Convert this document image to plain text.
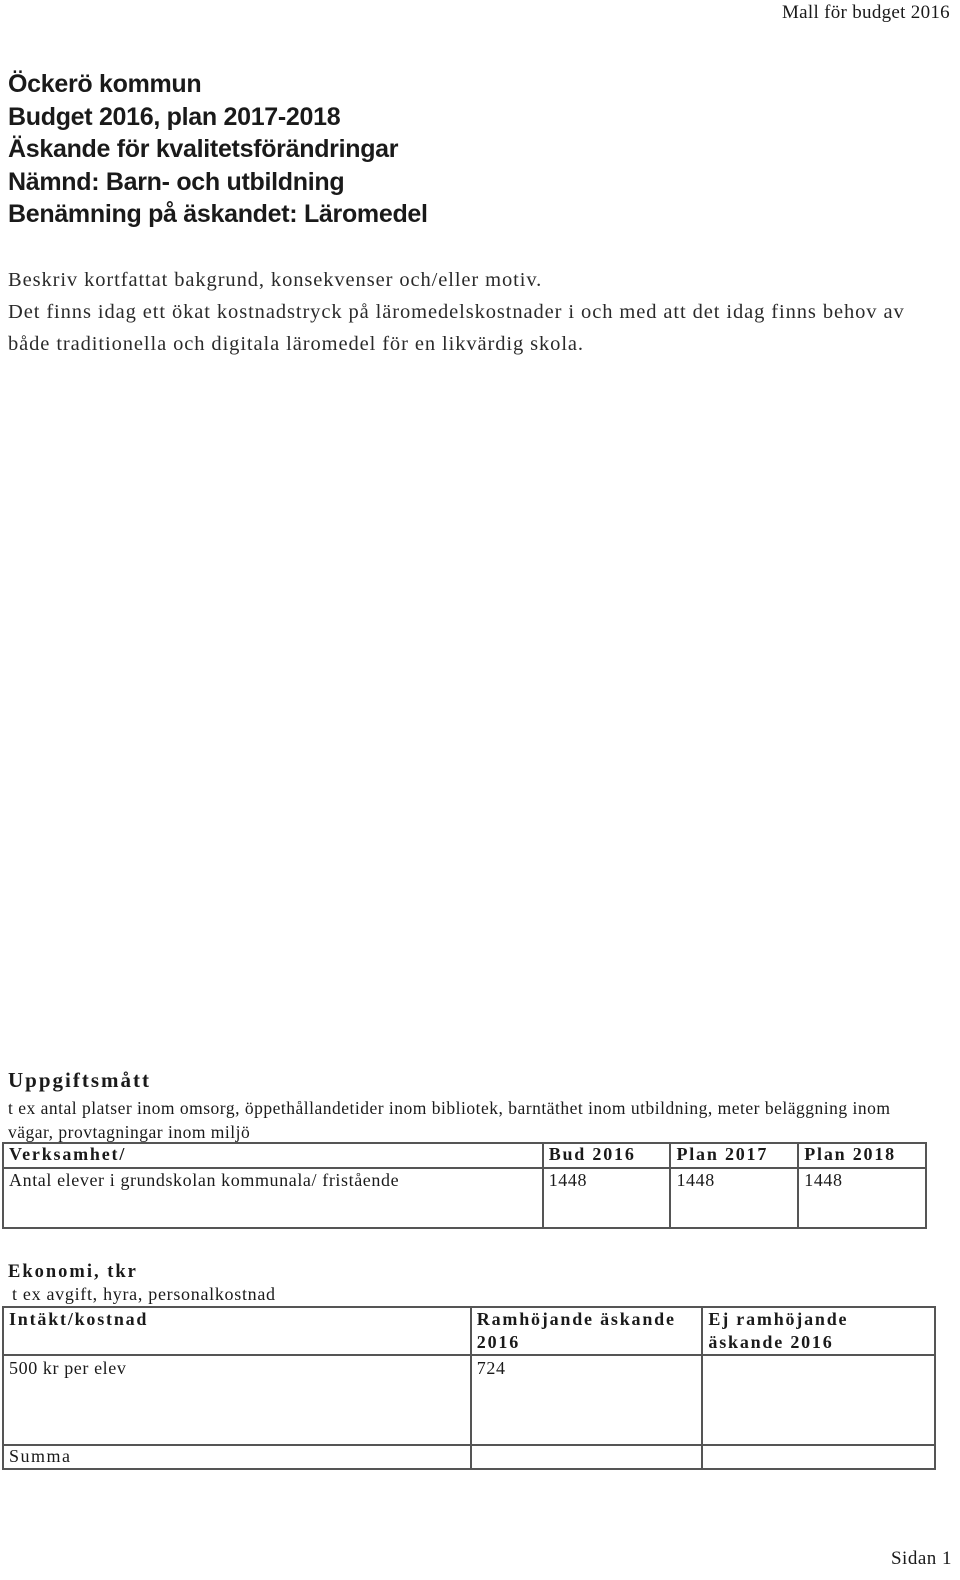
Mall för budget 2016
Öckerö kommun
Budget 2016, plan 2017-2018
Äskande för kvalitetsförändringar
Nämnd: Barn- och utbildning
Benämning på äskandet: Läromedel

Beskriv kortfattat bakgrund, konsekvenser och/eller motiv.

Det finns idag ett ökat kostnadstryck på läromedelskostnader i och med att det idag finns behov av både traditionella och digitala läromedel för en likvärdig skola.

Uppgiftsmått
t ex antal platser inom omsorg, öppethållandetider inom bibliotek, barntäthet inom utbildning, meter beläggning inom vägar, provtagningar inom miljö
Verksamhet/	Bud 2016	Plan 2017	Plan 2018
Antal elever i grundskolan kommunala/ fristående	1448	1448	1448
Ekonomi, tkr
t ex avgift, hyra, personalkostnad
Intäkt/kostnad	Ramhöjande äskande 2016	Ej ramhöjande äskande 2016
500 kr per elev	724	
Summa		
Sidan 1
